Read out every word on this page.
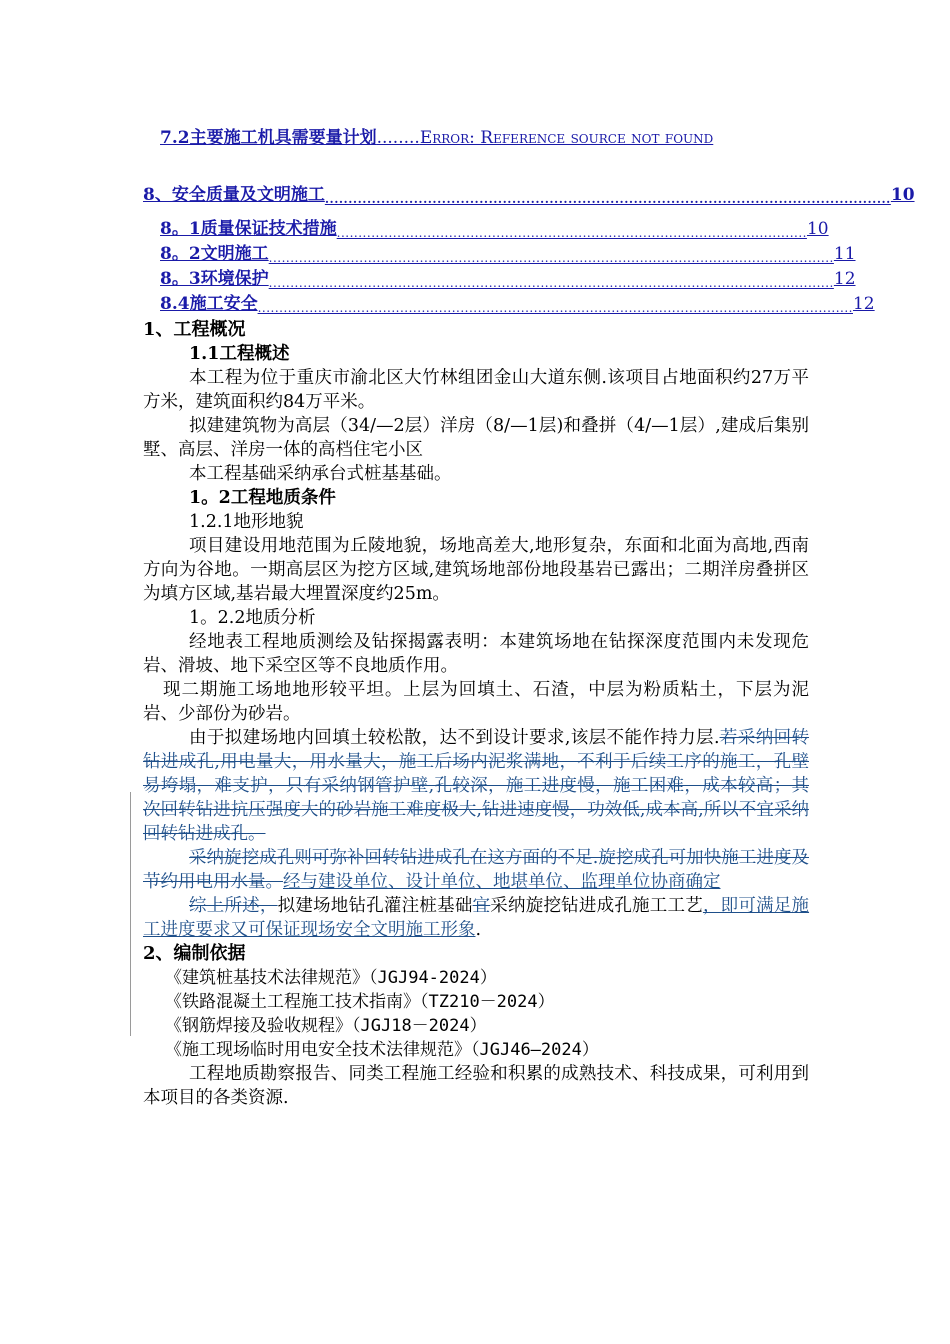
7.2主要施工机具需要量计划........Error: Reference source not found
8、安全质量及文明施工 ......................................................................................................................... 10
8。1质量保证技术措施 ............................................................................................................. 10
8。2文明施工 ................................................................................................................................... 11
8。3环境保护 ................................................................................................................................... 12
8.4施工安全 .......................................................................................................................................... 12

1、工程概况

1.1工程概述

本工程为位于重庆市渝北区大竹林组团金山大道东侧.该项目占地面积约27万平方米，建筑面积约84万平米。

拟建建筑物为高层（34/—2层）洋房（8/—1层)和叠拼（4/—1层）,建成后集别墅、高层、洋房一体的高档住宅小区

本工程基础采纳承台式桩基基础。

1。2工程地质条件

1.2.1地形地貌

项目建设用地范围为丘陵地貌，场地高差大,地形复杂，东面和北面为高地,西南方向为谷地。一期高层区为挖方区域,建筑场地部份地段基岩已露出；二期洋房叠拼区为填方区域,基岩最大埋置深度约25m。

1。2.2地质分析

经地表工程地质测绘及钻探揭露表明：本建筑场地在钻探深度范围内未发现危岩、滑坡、地下采空区等不良地质作用。

现二期施工场地地形较平坦。上层为回填土、石渣，中层为粉质粘土，下层为泥岩、少部份为砂岩。

由于拟建场地内回填土较松散，达不到设计要求,该层不能作持力层.若采纳回转钻进成孔,用电量大，用水量大，施工后场内泥浆满地，不利于后续工序的施工，孔壁易垮塌，难支护，只有采纳钢管护壁,孔较深，施工进度慢，施工困难，成本较高；其次回转钻进抗压强度大的砂岩施工难度极大,钻进速度慢，功效低,成本高,所以不宜采纳回转钻进成孔。

采纳旋挖成孔则可弥补回转钻进成孔在这方面的不足.旋挖成孔可加快施工进度及节约用电用水量。经与建设单位、设计单位、地堪单位、监理单位协商确定

综上所述，拟建场地钻孔灌注桩基础宜采纳旋挖钻进成孔施工工艺，即可满足施工进度要求又可保证现场安全文明施工形象.

2、编制依据

《建筑桩基技术法律规范》（JGJ94-2024）

《铁路混凝土工程施工技术指南》（TZ210－2024）

《钢筋焊接及验收规程》（JGJ18－2024）

《施工现场临时用电安全技术法律规范》（JGJ46—2024）

工程地质勘察报告、同类工程施工经验和积累的成熟技术、科技成果，可利用到本项目的各类资源.
